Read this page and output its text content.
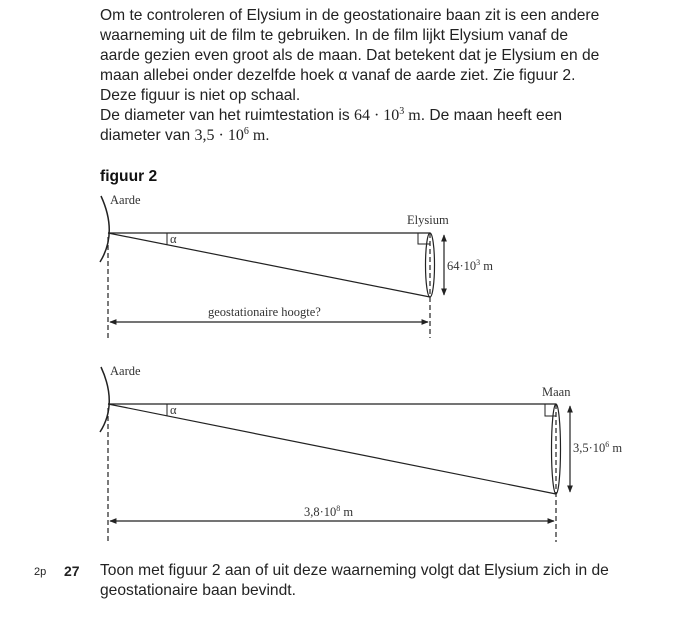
Om te controleren of Elysium in de geostationaire baan zit is een andere
waarneming uit de film te gebruiken. In de film lijkt Elysium vanaf de
aarde gezien even groot als de maan. Dat betekent dat je Elysium en de
maan allebei onder dezelfde hoek α vanaf de aarde ziet. Zie figuur 2.
Deze figuur is niet op schaal.
De diameter van het ruimtestation is $64 \cdot 10^3$ m. De maan heeft een
diameter van $3,5 \cdot 10^6$ m.
figuur 2
Aarde
Elysium
α
$64\cdot 10^3$ m
geostationaire hoogte?
Aarde
Maan
α
$3,5\cdot 10^6$ m
$3,8\cdot 10^8$ m
2p 27 Toon met figuur 2 aan of uit deze waarneming volgt dat Elysium zich in de
geostationaire baan bevindt.
